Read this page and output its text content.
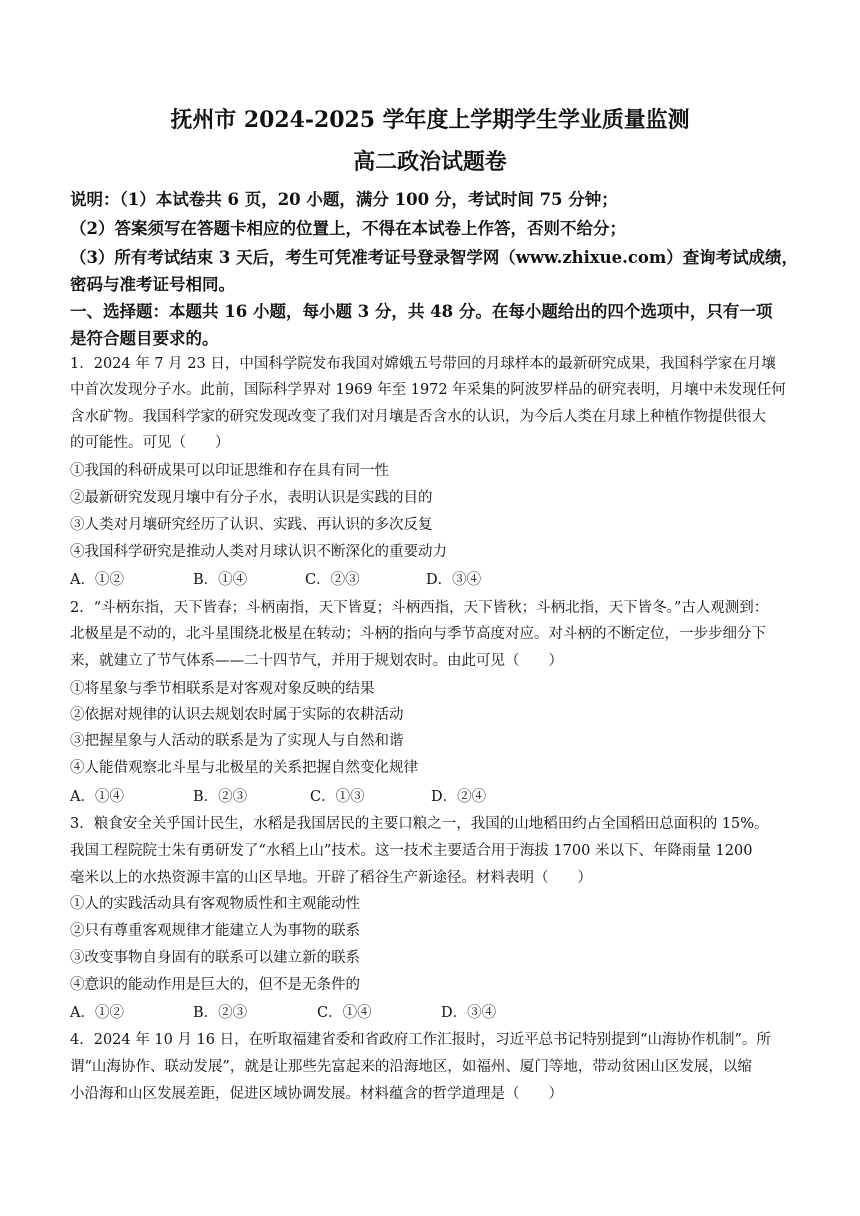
抚州市 2024-2025 学年度上学期学生学业质量监测
高二政治试题卷
说明：（1）本试卷共 6 页，20 小题，满分 100 分，考试时间 75 分钟；
（2）答案须写在答题卡相应的位置上，不得在本试卷上作答，否则不给分；
（3）所有考试结束 3 天后，考生可凭准考证号登录智学网（www.zhixue.com）查询考试成绩，
密码与准考证号相同。
一、选择题：本题共 16 小题，每小题 3 分，共 48 分。在每小题给出的四个选项中，只有一项
是符合题目要求的。
1．2024 年 7 月 23 日，中国科学院发布我国对嫦娥五号带回的月球样本的最新研究成果，我国科学家在月壤
中首次发现分子水。此前，国际科学界对 1969 年至 1972 年采集的阿波罗样品的研究表明，月壤中未发现任何
含水矿物。我国科学家的研究发现改变了我们对月壤是否含水的认识，为今后人类在月球上种植作物提供很大
的可能性。可见（　　）
①我国的科研成果可以印证思维和存在具有同一性
②最新研究发现月壤中有分子水，表明认识是实践的目的
③人类对月壤研究经历了认识、实践、再认识的多次反复
④我国科学研究是推动人类对月球认识不断深化的重要动力
A．①②	B．①④	C．②③	D．③④
2．“斗柄东指，天下皆春；斗柄南指，天下皆夏；斗柄西指，天下皆秋；斗柄北指，天下皆冬。”古人观测到：
北极星是不动的，北斗星围绕北极星在转动；斗柄的指向与季节高度对应。对斗柄的不断定位，一步步细分下
来，就建立了节气体系——二十四节气，并用于规划农时。由此可见（　　）
①将星象与季节相联系是对客观对象反映的结果
②依据对规律的认识去规划农时属于实际的农耕活动
③把握星象与人活动的联系是为了实现人与自然和谐
④人能借观察北斗星与北极星的关系把握自然变化规律
A．①④	B．②③	C．①③	D．②④
3．粮食安全关乎国计民生，水稻是我国居民的主要口粮之一，我国的山地稻田约占全国稻田总面积的 15%。
我国工程院院士朱有勇研发了“水稻上山”技术。这一技术主要适合用于海拔 1700 米以下、年降雨量 1200
毫米以上的水热资源丰富的山区旱地。开辟了稻谷生产新途径。材料表明（　　）
①人的实践活动具有客观物质性和主观能动性
②只有尊重客观规律才能建立人为事物的联系
③改变事物自身固有的联系可以建立新的联系
④意识的能动作用是巨大的，但不是无条件的
A．①②	B．②③	C．①④	D．③④
4．2024 年 10 月 16 日，在听取福建省委和省政府工作汇报时，习近平总书记特别提到“山海协作机制”。所
谓“山海协作、联动发展”，就是让那些先富起来的沿海地区，如福州、厦门等地，带动贫困山区发展，以缩
小沿海和山区发展差距，促进区域协调发展。材料蕴含的哲学道理是（　　）
